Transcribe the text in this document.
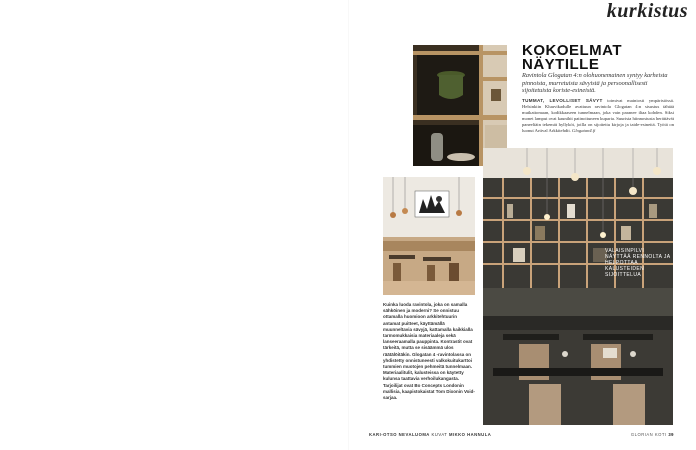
kurkistus
KOKOELMAT
NÄYTILLE
Ravintola Glogatan 4:n olohuonemainen syntyy karheista pinnoista, murretuista sävyistä ja persoonallisesti sijoitetuista koriste-esineistä.
TUMMAT, LEVOLLISET SÄVYT toimivat mainiosti ympäristössä. Helsinkiin Kluuvikadulle avattuun ravintola Glogatan 4:n sisustus tähtää mutkattomaan, kodikkaaseen tunnelmaan, joka vain paranee iltaa kohden. Siksi monet lamput ovat kaunihit patinoituneen kuparia. Suurista hiinnostusta herättävät paneeliäin tekemät hyllyköt, joilla on sijoitettu kirjoja ja taide-esineitä. Työtä on luonut Artival Arkkitehdit. Glogatan4.fi
Kuinka luoda ravintola, joka on samalla sähköinen ja moderni? Se onnistuu ottamalla huomioon arkkitehtuurin antamat puitteet, käyttämällä muunneltavia sävyjä, kattamalla kaikkialla tarmomukkaisia materiaaleja sekä lanseeraamalla pauppinta. Kontrastit ovat tärkeitä, mutta se sisäämmä ulos räätälöitäkin. Glogatan 4 -ravintolassa on yhdistetty onnistuneesti valkokuitukarttoi tummien muotojen pehmeitä tunnelmaan. Materiaalitulit, kalusteissa on käytetty kulunsa taattavia verhoilukangasta. Tarjoilijat ovat Bo Concepts Londonin mallisia, kaapistokaistat Tom Dixonin Void-sarjaa.
VALAISINPILVI NÄYTTÄÄ RENNOLTA JA HELPOTTAA KALUSTEIDEN SIJOITTELUA
KARI-OTSO NEVALUOMA KUVAT MIKKO HANNULA	GLORIAN KOTI 39
